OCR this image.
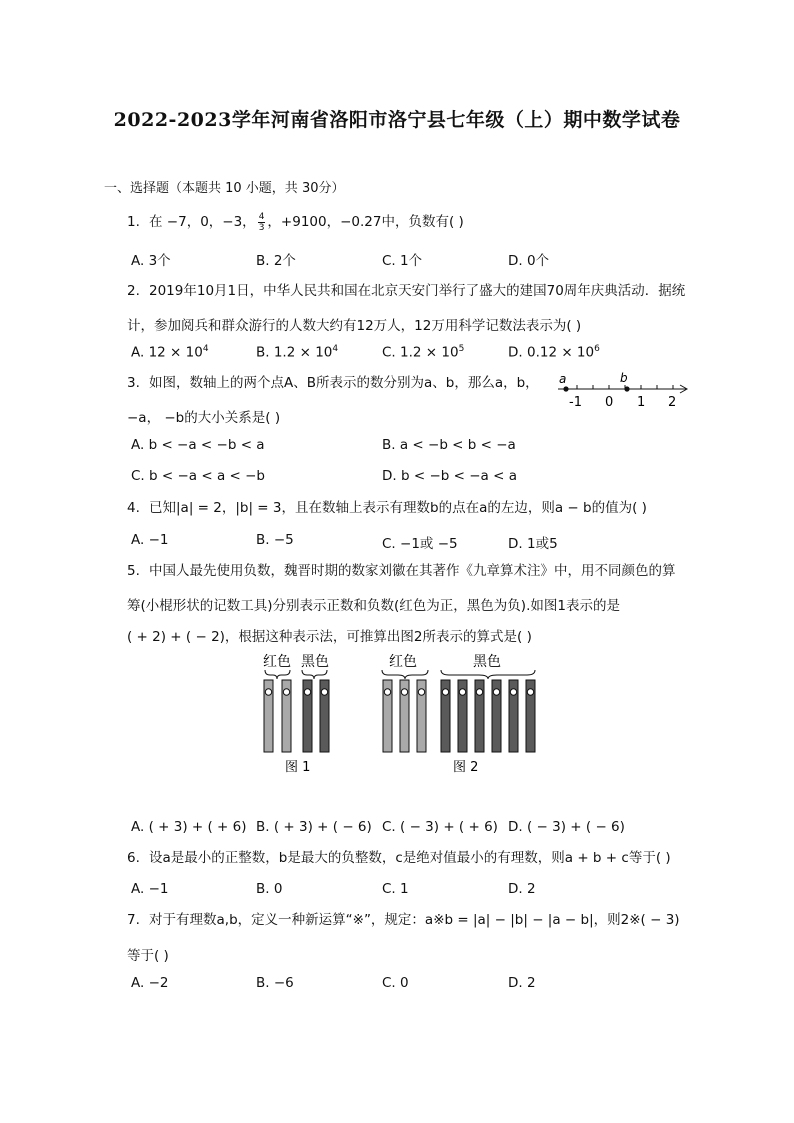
2022-2023学年河南省洛阳市洛宁县七年级（上）期中数学试卷
一、选择题（本题共 10 小题，共 30分）
1. 在 −7，0，−3， $\frac{4}{3}$ ，+9100，−0.27中，负数有( )
A. 3个	B. 2个	C. 1个	D. 0个
2. 2019年10月1日，中华人民共和国在北京天安门举行了盛大的建国70周年庆典活动．据统
计，参加阅兵和群众游行的人数大约有12万人，12万用科学记数法表示为( )
A. $12 \times 10^4$	B. $1.2 \times 10^4$	C. $1.2 \times 10^5$	D. $0.12 \times 10^6$
3. 如图，数轴上的两个点A、B所表示的数分别为a、b，那么a，b，
−a， −b的大小关系是( )
a	b
-1 0 1 2
A. b < −a < −b < a	B. a < −b < b < −a
C. b < −a < a < −b	D. b < −b < −a < a
4. 已知|a| = 2，|b| = 3，且在数轴上表示有理数b的点在a的左边，则a − b的值为( )
A. −1	B. −5	C. −1或 −5	D. 1或5
5. 中国人最先使用负数，魏晋时期的数家刘徽在其著作《九章算术注》中，用不同颜色的算
筹(小棍形状的记数工具)分别表示正数和负数(红色为正，黑色为负).如图1表示的是
( + 2) + ( − 2)，根据这种表示法，可推算出图2所表示的算式是( )
红色 黑色	红色	黑色
图 1	图 2
A. ( + 3) + ( + 6) B. ( + 3) + ( − 6) C. ( − 3) + ( + 6) D. ( − 3) + ( − 6)
6. 设a是最小的正整数，b是最大的负整数，c是绝对值最小的有理数，则a + b + c等于( )
A. −1	B. 0	C. 1	D. 2
7. 对于有理数a,b，定义一种新运算“※”，规定：a※b = |a| − |b| − |a − b|，则2※( − 3)
等于( )
A. −2	B. −6	C. 0	D. 2
